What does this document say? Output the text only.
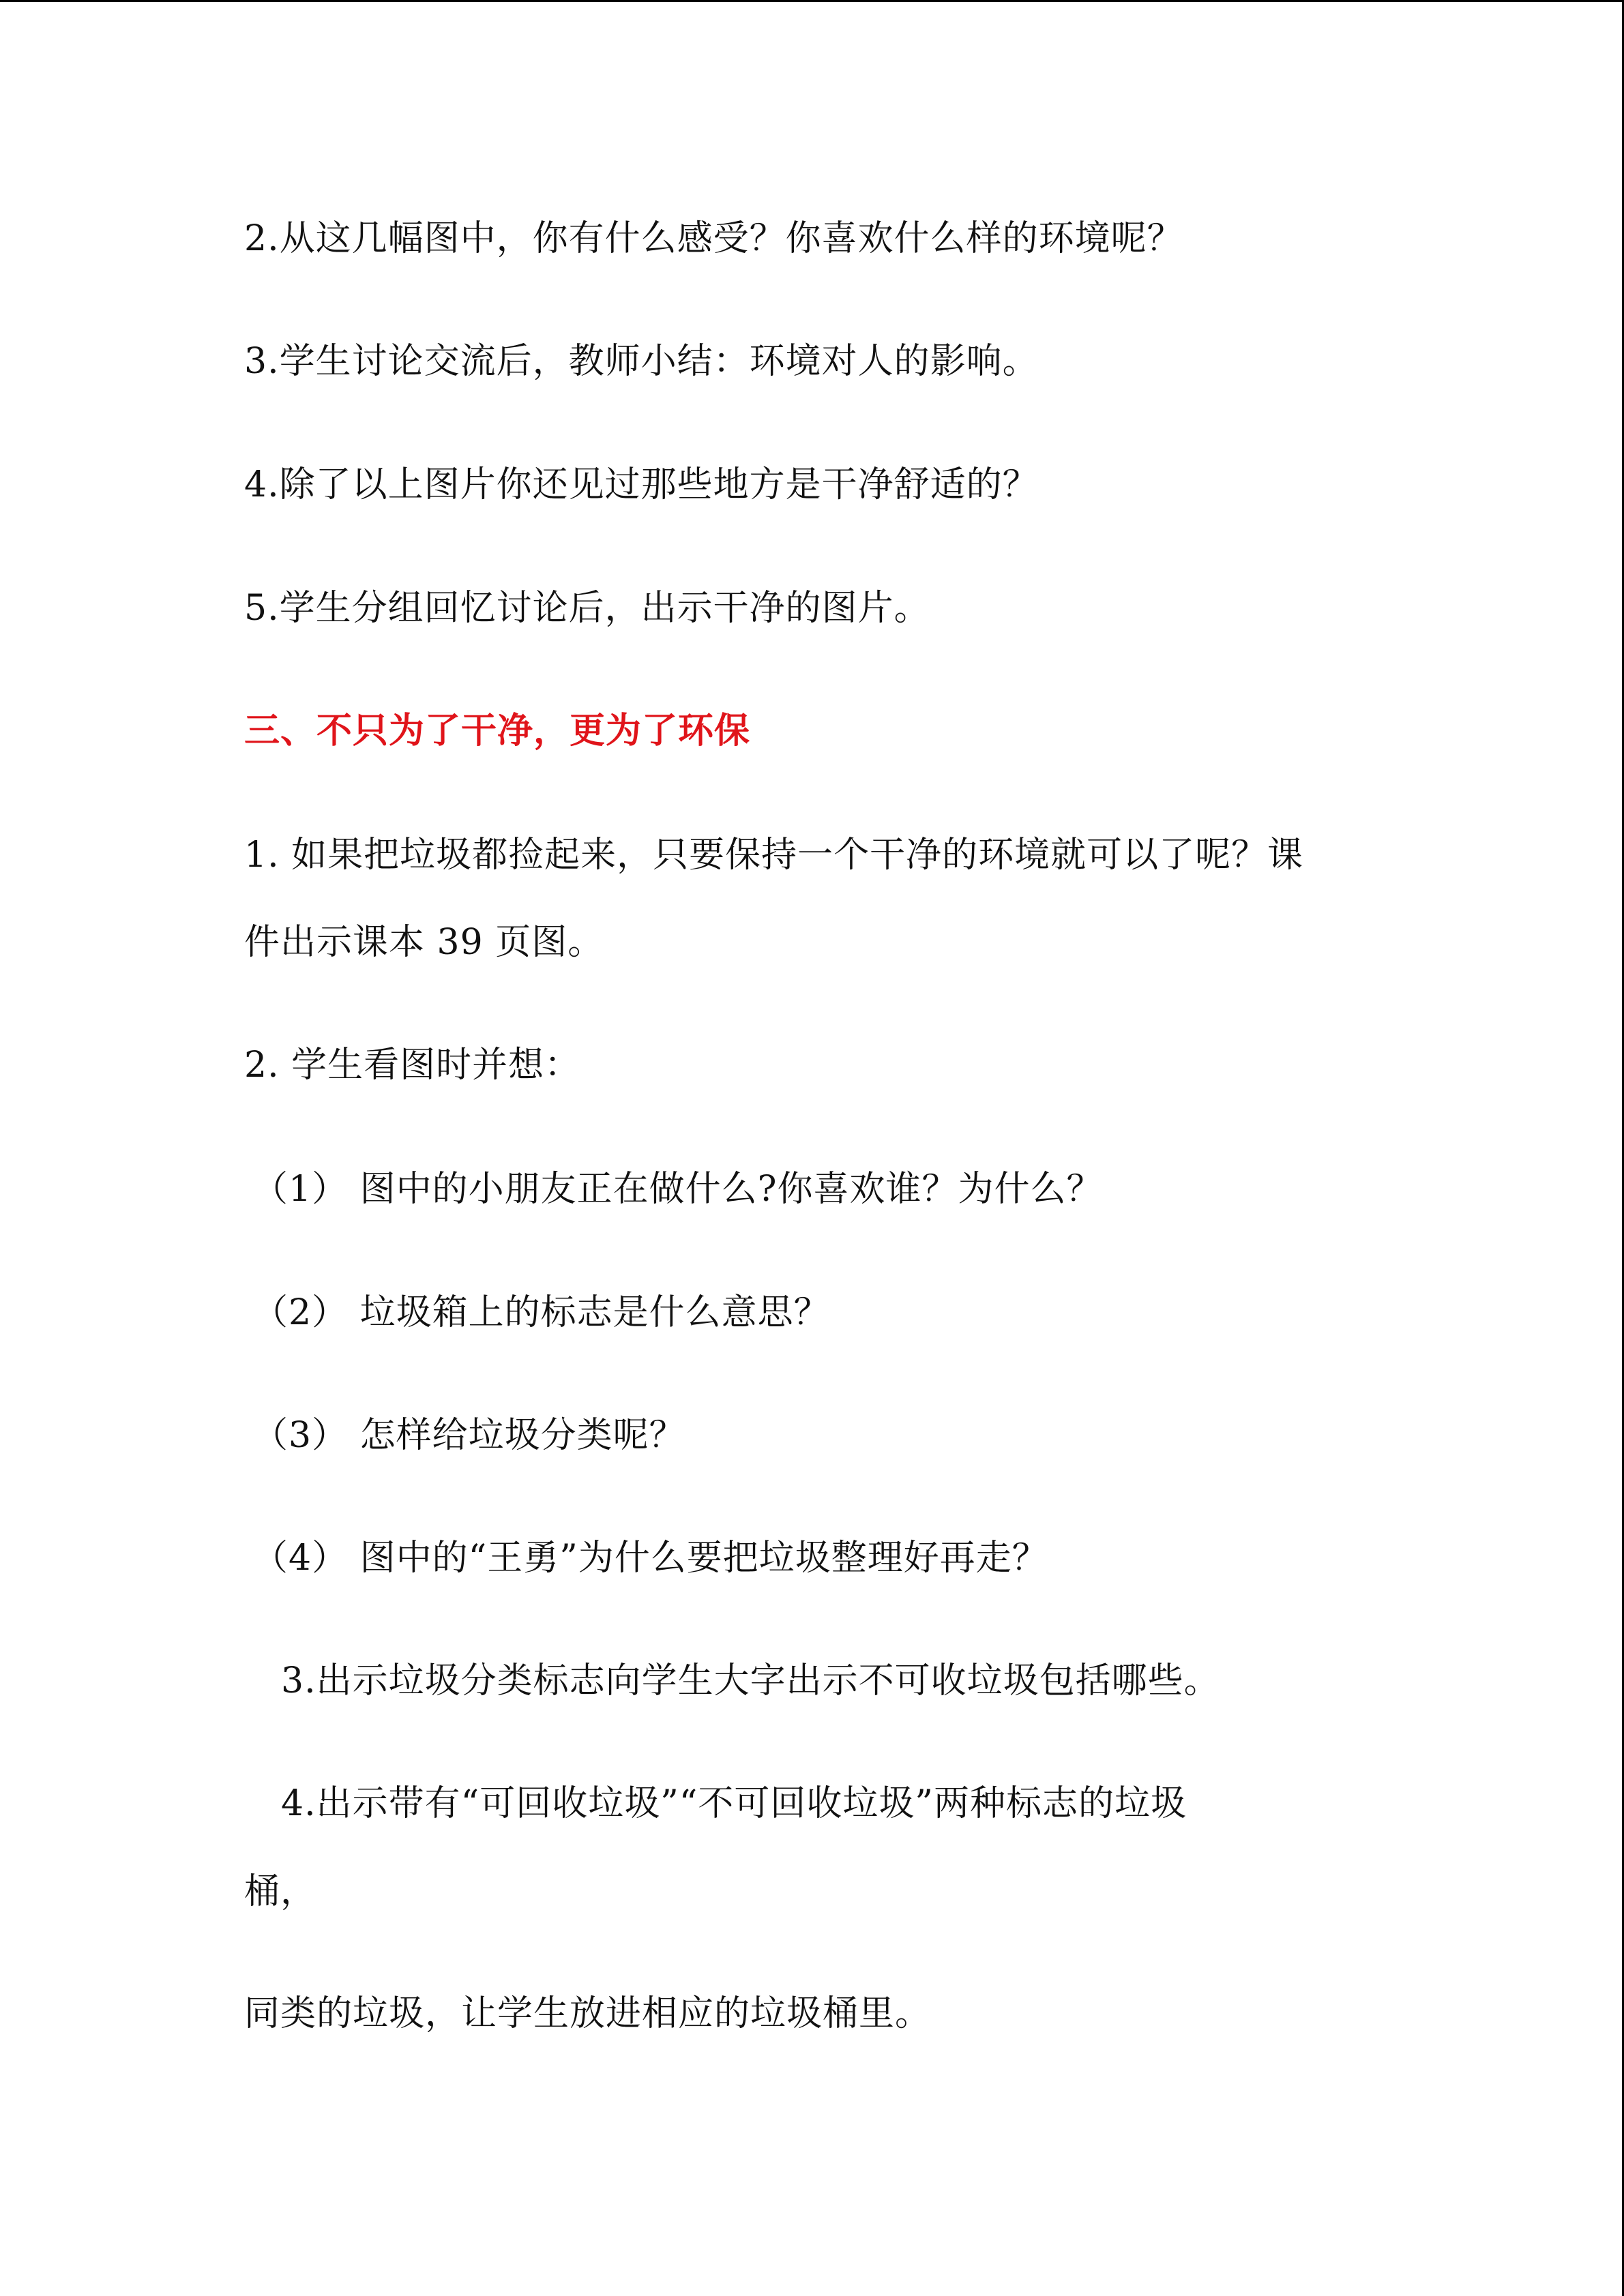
2.从这几幅图中，你有什么感受？你喜欢什么样的环境呢？
3.学生讨论交流后，教师小结：环境对人的影响。
4.除了以上图片你还见过那些地方是干净舒适的？
5.学生分组回忆讨论后，出示干净的图片。
三、不只为了干净，更为了环保
1. 如果把垃圾都捡起来，只要保持一个干净的环境就可以了呢？课
件出示课本 39 页图。
2. 学生看图时并想：
（1） 图中的小朋友正在做什么?你喜欢谁？为什么？
（2） 垃圾箱上的标志是什么意思？
（3） 怎样给垃圾分类呢？
（4） 图中的“王勇”为什么要把垃圾整理好再走？
3.出示垃圾分类标志向学生大字出示不可收垃圾包括哪些。
4.出示带有“可回收垃圾”“不可回收垃圾”两种标志的垃圾
桶，
同类的垃圾，让学生放进相应的垃圾桶里。
